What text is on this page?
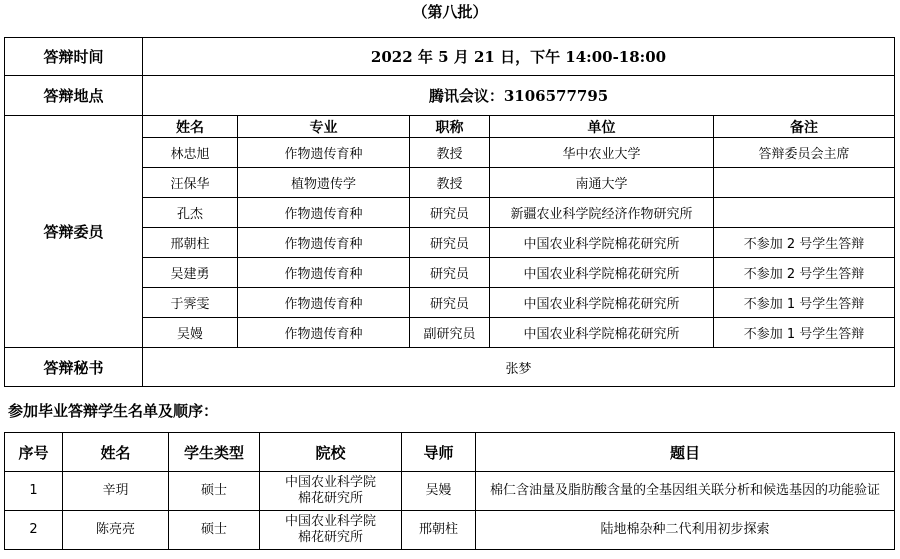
（第八批）
答辩时间	2022 年 5 月 21 日，下午 14:00-18:00				
答辩地点	腾讯会议：3106577795				
答辩委员	姓名	专业	职称	单位	备注
	林忠旭	作物遗传育种	教授	华中农业大学	答辩委员会主席
	汪保华	植物遗传学	教授	南通大学	
	孔杰	作物遗传育种	研究员	新疆农业科学院经济作物研究所	
	邢朝柱	作物遗传育种	研究员	中国农业科学院棉花研究所	不参加 2 号学生答辩
	吴建勇	作物遗传育种	研究员	中国农业科学院棉花研究所	不参加 2 号学生答辩
	于霁雯	作物遗传育种	研究员	中国农业科学院棉花研究所	不参加 1 号学生答辩
	吴嫚	作物遗传育种	副研究员	中国农业科学院棉花研究所	不参加 1 号学生答辩
答辩秘书	张梦				
参加毕业答辩学生名单及顺序：
序号	姓名	学生类型	院校	导师	题目
1	辛玥	硕士	中国农业科学院
棉花研究所	吴嫚	棉仁含油量及脂肪酸含量的全基因组关联分析和候选基因的功能验证
2	陈亮亮	硕士	中国农业科学院
棉花研究所	邢朝柱	陆地棉杂种二代利用初步探索
